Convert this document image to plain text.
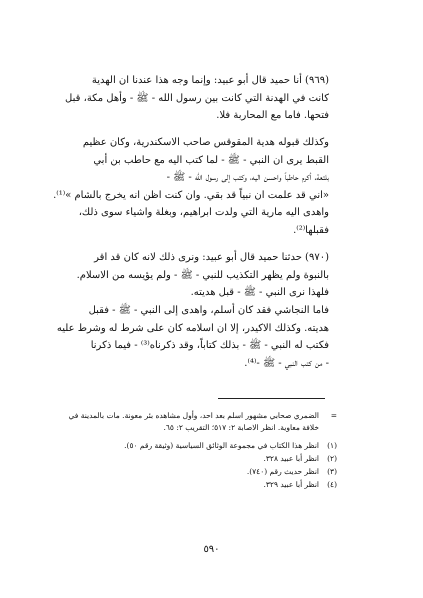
(٩٦٩) أنا حميد قال أبو عبيد: وإنما وجه هذا عندنا ان الهدية
كانت في الهدنة التي كانت بين رسول الله - ﷺ - وأهل مكة، قبل
فتحها. فاما مع المحاربة فلا.
وكذلك قبوله هدية المقوقس صاحب الاسكندرية، وكان عظيم
القبط يرى ان النبي - ﷺ - لما كتب اليه مع حاطب بن أبي
بلتعة، أكرم حاطباً واحسن اليه، وكتب إلى رسول الله - ﷺ -
«اني قد علمت ان نبياً قد بقي. وان كنت اظن انه يخرج بالشام »⁽¹⁾.
واهدى اليه مارية التي ولدت ابراهيم، وبغلة واشياء سوى ذلك،
فقبلها⁽²⁾.
(٩٧٠) حدثنا حميد قال أبو عبيد: ونرى ذلك لانه كان قد اقر
بالنبوة ولم يظهر التكذيب للنبي - ﷺ - ولم يؤيسه من الاسلام.
فلهذا نرى النبي - ﷺ - قبل هديته.
فاما النجاشي فقد كان أسلم، واهدى إلى النبي - ﷺ - فقبل
هديته. وكذلك الاكيدر، إلا ان اسلامه كان على شرط له وشرط عليه
فكتب له النبي - ﷺ - بذلك كتاباً، وقد ذكرناه⁽³⁾ - فيما ذكرنا
- من كتب النبي - ﷺ -⁽⁴⁾.
=الضمري صحابي مشهور اسلم بعد احد، وأول مشاهده بئر معونة. مات بالمدينة في
خلافة معاوية. انظر الاصابة ٢: ٥١٧؛ التقريب ٢: ٦٥.
(١)انظر هذا الكتاب في مجموعة الوثائق السياسية (وثيقة رقم ٥٠).
(٢)انظر أبا عبيد ٣٢٨.
(٣)انظر حديث رقم (٧٤٠).
(٤)انظر أبا عبيد ٣٢٩.
٥٩٠
